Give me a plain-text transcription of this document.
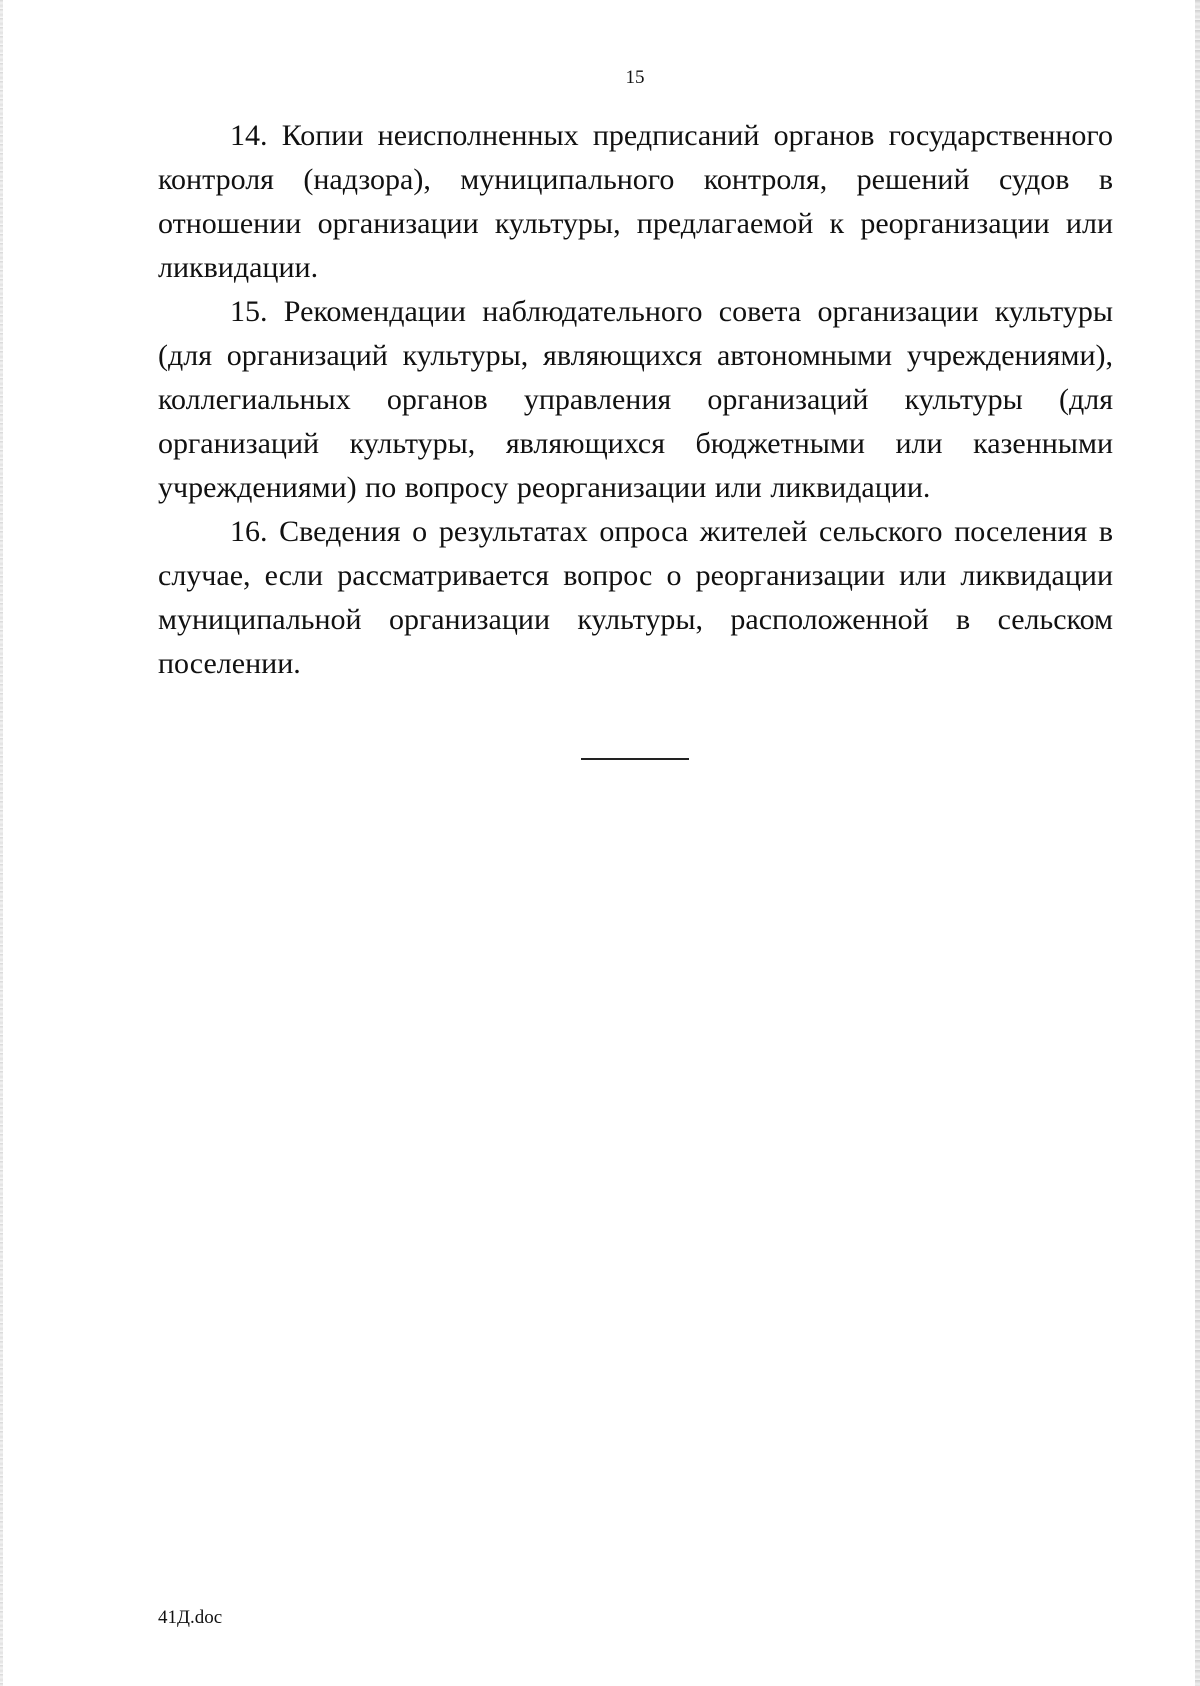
15

14. Копии неисполненных предписаний органов государственного контроля (надзора), муниципального контроля, решений судов в отношении организации культуры, предлагаемой к реорганизации или ликвидации.

15. Рекомендации наблюдательного совета организации культуры (для организаций культуры, являющихся автономными учреждениями), коллегиальных органов управления организаций культуры (для организаций культуры, являющихся бюджетными или казенными учреждениями) по вопросу реорганизации или ликвидации.

16. Сведения о результатах опроса жителей сельского поселения в случае, если рассматривается вопрос о реорганизации или ликвидации муниципальной организации культуры, расположенной в сельском поселении.

41Д.doc
